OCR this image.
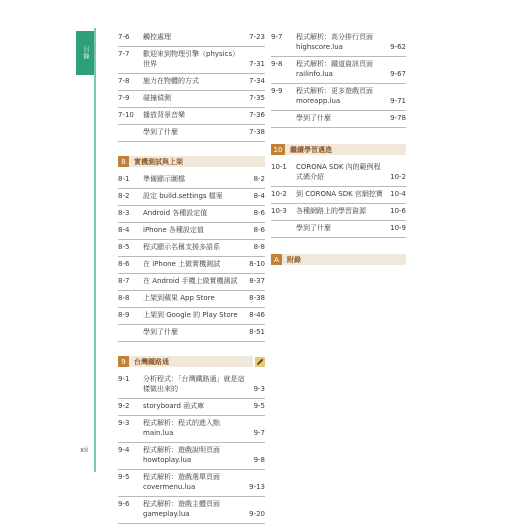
目錄
xii
7-6	觸控處理	7-23
7-7	歡迎來到物理引擎（physics）世界	7-31
7-8	施力在物體的方式	7-34
7-9	碰撞偵測	7-35
7-10	播放背景音樂	7-36
學到了什麼	7-38
8	實機測試與上架
8-1	準備顯示圖檔	8-2
8-2	設定 build.settings 檔案	8-4
8-3	Android 各種設定值	8-6
8-4	iPhone 各種設定值	8-6
8-5	程式顯示名稱支援多語系	8-8
8-6	在 iPhone 上做實機測試	8-10
8-7	在 Android 手機上做實機測試	8-37
8-8	上架到蘋果 App Store	8-38
8-9	上架到 Google 的 Play Store	8-46
學到了什麼	8-51
9	台灣鐵路通
9-1	分析程式：「台灣鐵路通」就是這樣做出來的	9-3
9-2	storyboard 函式庫	9-5
9-3	程式解析：程式的進入點 main.lua	9-7
9-4	程式解析：遊戲說明頁面 howtoplay.lua	9-8
9-5	程式解析：遊戲選單頁面 covermenu.lua	9-13
9-6	程式解析：遊戲主體頁面 gameplay.lua	9-20
9-7	程式解析：高分排行頁面 highscore.lua	9-62
9-8	程式解析：鐵道資訊頁面 railinfo.lua	9-67
9-9	程式解析：更多遊戲頁面 moreapp.lua	9-71
學到了什麼	9-78
10	繼續學習邁進
10-1	CORONA SDK 內的範例程式碼介紹	10-2
10-2	到 CORONA SDK 官網挖寶	10-4
10-3	各種網路上的學習資源	10-6
學到了什麼	10-9
A	附錄
